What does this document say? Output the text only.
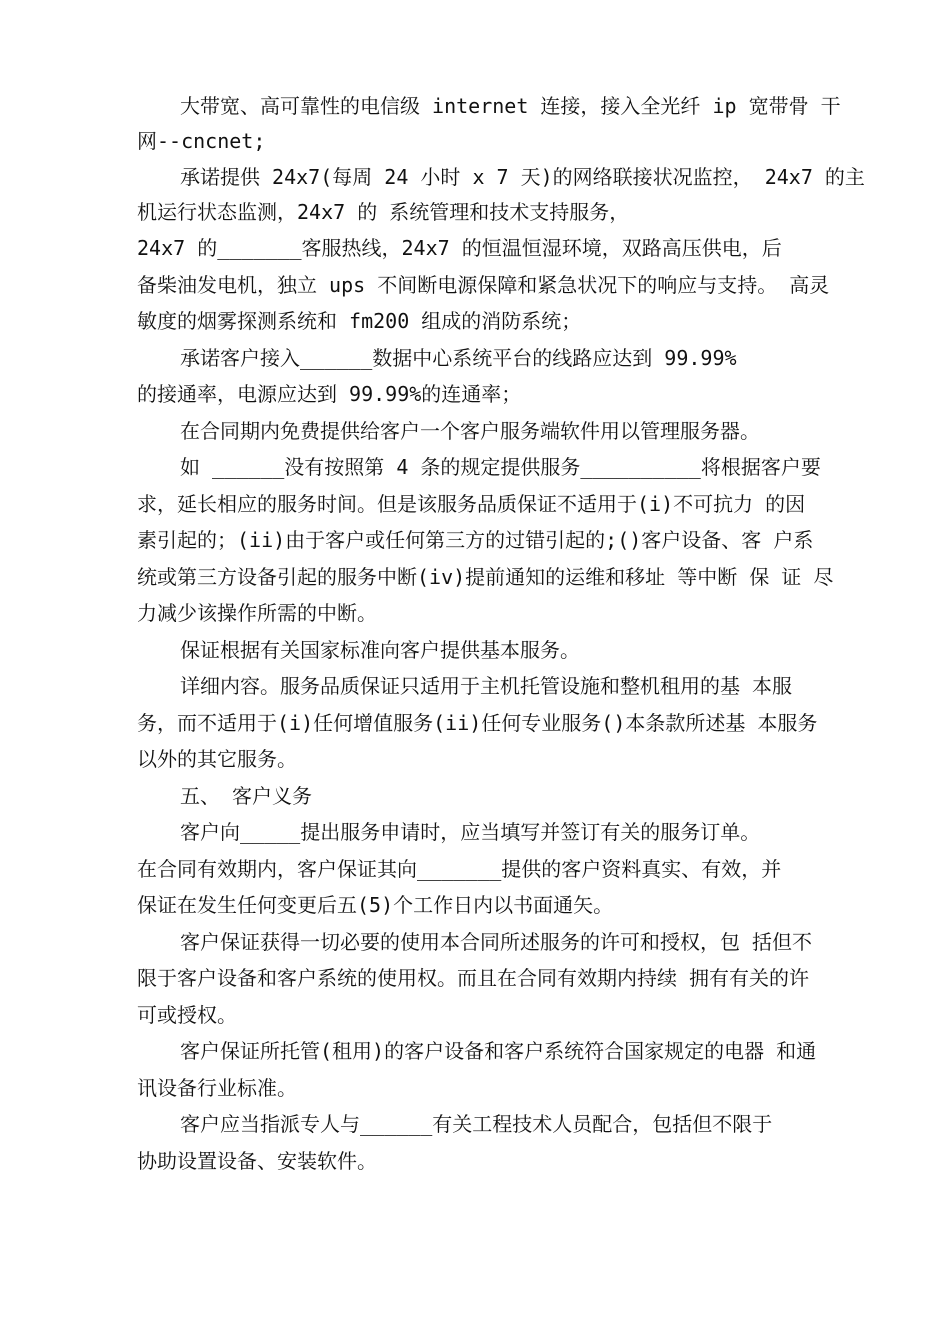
大带宽、高可靠性的电信级 internet 连接，接入全光纤 ip 宽带骨 干
网--cncnet;
承诺提供 24x7(每周 24 小时 x 7 天)的网络联接状况监控， 24x7 的主
机运行状态监测，24x7 的 系统管理和技术支持服务，
24x7 的_______客服热线，24x7 的恒温恒湿环境，双路高压供电，后
备柴油发电机，独立 ups 不间断电源保障和紧急状况下的响应与支持。 高灵
敏度的烟雾探测系统和 fm200 组成的消防系统；
承诺客户接入______数据中心系统平台的线路应达到 99.99%
的接通率，电源应达到 99.99%的连通率；
在合同期内免费提供给客户一个客户服务端软件用以管理服务器。
如 ______没有按照第 4 条的规定提供服务__________将根据客户要
求，延长相应的服务时间。但是该服务品质保证不适用于(i)不可抗力 的因
素引起的；(ii)由于客户或任何第三方的过错引起的;()客户设备、客 户系
统或第三方设备引起的服务中断(iv)提前通知的运维和移址 等中断 保 证 尽
力减少该操作所需的中断。
保证根据有关国家标准向客户提供基本服务。
详细内容。服务品质保证只适用于主机托管设施和整机租用的基 本服
务，而不适用于(i)任何增值服务(ii)任何专业服务()本条款所述基 本服务
以外的其它服务。
五、 客户义务
客户向_____提出服务申请时，应当填写并签订有关的服务订单。
在合同有效期内，客户保证其向_______提供的客户资料真实、有效，并
保证在发生任何变更后五(5)个工作日内以书面通矢。
客户保证获得一切必要的使用本合同所述服务的许可和授权，包 括但不
限于客户设备和客户系统的使用权。而且在合同有效期内持续 拥有有关的许
可或授权。
客户保证所托管(租用)的客户设备和客户系统符合国家规定的电器 和通
讯设备行业标准。
客户应当指派专人与______有关工程技术人员配合，包括但不限于
协助设置设备、安装软件。
